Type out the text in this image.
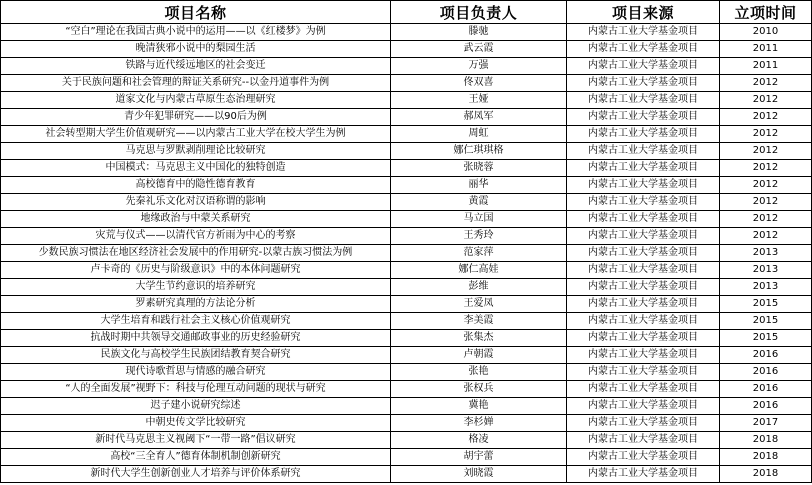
项目名称	项目负责人	项目来源	立项时间
“空白”理论在我国古典小说中的运用——以《红楼梦》为例	滕驰	内蒙古工业大学基金项目	2010
晚清狭邪小说中的梨园生活	武云霞	内蒙古工业大学基金项目	2011
铁路与近代绥远地区的社会变迁	万强	内蒙古工业大学基金项目	2011
关于民族问题和社会管理的辩证关系研究--以金丹道事件为例	佟双喜	内蒙古工业大学基金项目	2012
道家文化与内蒙古草原生态治理研究	王娅	内蒙古工业大学基金项目	2012
青少年犯罪研究——以90后为例	郝凤军	内蒙古工业大学基金项目	2012
社会转型期大学生价值观研究——以内蒙古工业大学在校大学生为例	周虹	内蒙古工业大学基金项目	2012
马克思与罗默剥削理论比较研究	娜仁琪琪格	内蒙古工业大学基金项目	2012
中国模式：马克思主义中国化的独特创造	张晓蓉	内蒙古工业大学基金项目	2012
高校德育中的隐性德育教育	丽华	内蒙古工业大学基金项目	2012
先秦礼乐文化对汉语称谓的影响	黄霞	内蒙古工业大学基金项目	2012
地缘政治与中蒙关系研究	马立国	内蒙古工业大学基金项目	2012
灾荒与仪式——以清代官方祈雨为中心的考察	王秀玲	内蒙古工业大学基金项目	2012
少数民族习惯法在地区经济社会发展中的作用研究-以蒙古族习惯法为例	范家萍	内蒙古工业大学基金项目	2013
卢卡奇的《历史与阶级意识》中的本体问题研究	娜仁高娃	内蒙古工业大学基金项目	2013
大学生节约意识的培养研究	彭维	内蒙古工业大学基金项目	2013
罗素研究真理的方法论分析	王爱凤	内蒙古工业大学基金项目	2015
大学生培育和践行社会主义核心价值观研究	李美霞	内蒙古工业大学基金项目	2015
抗战时期中共领导交通邮政事业的历史经验研究	张集杰	内蒙古工业大学基金项目	2015
民族文化与高校学生民族团结教育契合研究	卢朝霞	内蒙古工业大学基金项目	2016
现代诗歌哲思与情感的融合研究	张艳	内蒙古工业大学基金项目	2016
“人的全面发展”视野下：科技与伦理互动问题的现状与研究	张权兵	内蒙古工业大学基金项目	2016
迟子建小说研究综述	冀艳	内蒙古工业大学基金项目	2016
中朝史传文学比较研究	李杉婵	内蒙古工业大学基金项目	2017
新时代马克思主义视阈下“一带一路”倡议研究	格凌	内蒙古工业大学基金项目	2018
高校“三全育人”德育体制机制创新研究	胡宇蕾	内蒙古工业大学基金项目	2018
新时代大学生创新创业人才培养与评价体系研究	刘晓霞	内蒙古工业大学基金项目	2018
